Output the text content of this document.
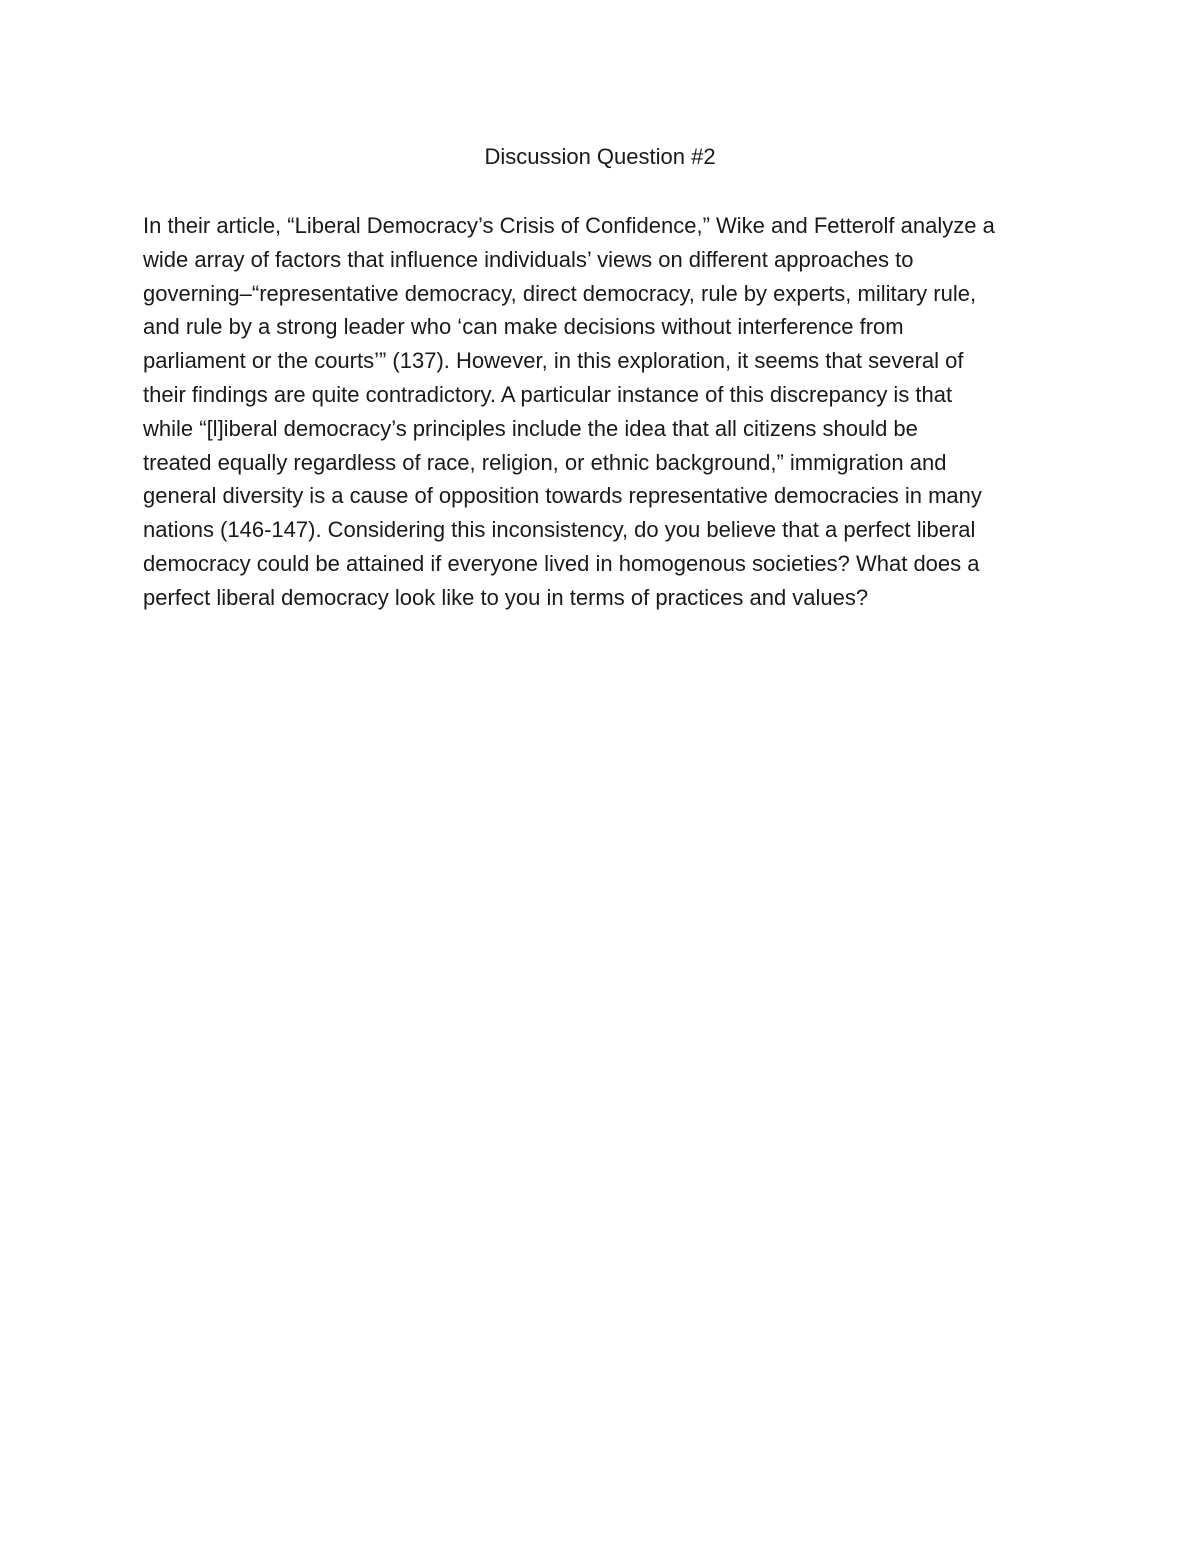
Discussion Question #2

In their article, “Liberal Democracy’s Crisis of Confidence,” Wike and Fetterolf analyze a
wide array of factors that influence individuals’ views on different approaches to
governing–“representative democracy, direct democracy, rule by experts, military rule,
and rule by a strong leader who ‘can make decisions without interference from
parliament or the courts’” (137). However, in this exploration, it seems that several of
their findings are quite contradictory. A particular instance of this discrepancy is that
while “[l]iberal democracy’s principles include the idea that all citizens should be
treated equally regardless of race, religion, or ethnic background,” immigration and
general diversity is a cause of opposition towards representative democracies in many
nations (146-147). Considering this inconsistency, do you believe that a perfect liberal
democracy could be attained if everyone lived in homogenous societies? What does a
perfect liberal democracy look like to you in terms of practices and values?
